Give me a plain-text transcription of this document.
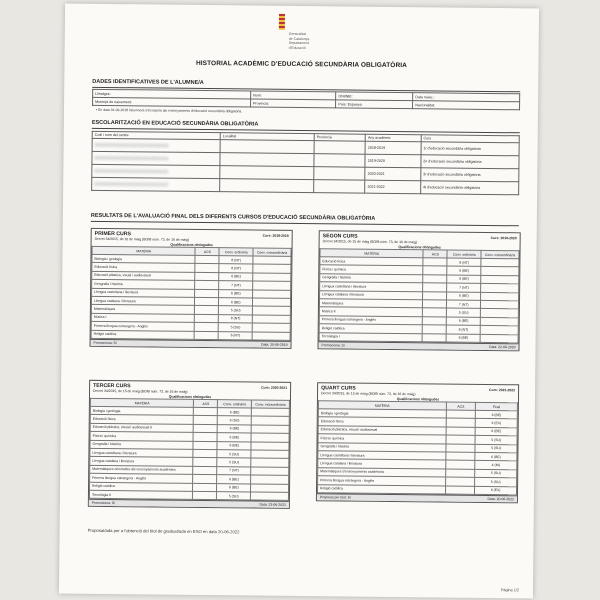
Generalitat
de Catalunya
Departament
d'Educació
HISTORIAL ACADÈMIC D'EDUCACIÓ SECUNDÀRIA OBLIGATÒRIA
DADES IDENTIFICATIVES DE L'ALUMNE/A
Llinatges:	Nom:	DNI/NIE:	Data naixe.:
Municipi de naixement:	Província:	País: Espanya	Nacionalitat:
• En data 01-09-2018 l'alumne/a s'incorpora als ensenyaments d'educació secundària obligatòria.
ESCOLARITZACIÓ EN EDUCACIÓ SECUNDÀRIA OBLIGATÒRIA
Codi i nom del centre	Localitat	Província	Any acadèmic	Curs
			2018-2019	1r d'educació secundària obligatòria
			2019-2020	2n d'educació secundària obligatòria
			2020-2021	3r d'educació secundària obligatòria
			2021-2022	4t d'educació secundària obligatòria
RESULTATS DE L'AVALUACIÓ FINAL DELS DIFERENTS CURSOS D'EDUCACIÓ SECUNDÀRIA OBLIGATÒRIA
PRIMER CURS	Curs: 2018-2019
Decret 34/2015, de 10 de maig (BOIB núm. 73, de 16 de maig)
Qualificacions obtingudes
MATÈRIA	ACS	Conv. ordinària	Conv. extraordinària
Biologia i geologia		8 (NT)	
Educació física		8 (NT)	
Educació plàstica, visual i audiovisual		6 (BE)	
Geografia i història		7 (NT)	
Llengua castellana i literatura		6 (BE)	
Llengua catalana i literatura		6 (BE)	
Matemàtiques		5 (SU)	
Música I		8 (NT)	
Primera llengua estrangera - Anglès		5 (SU)	
Religió catòlica		6 (NT)	
Promociona: Sí	Data: 20-06-2019
SEGON CURS	Curs: 2019-2020
Decret 34/2015, de 15 de maig (BOIB núm. 73, de 16 de maig)
Qualificacions obtingudes
MATÈRIA	ACS	Conv. ordinària	Conv. extraordinària
Educació física		8 (NT)	
Física i química		6 (BE)	
Geografia i història		6 (BE)	
Llengua castellana i literatura		7 (NT)	
Llengua catalana i literatura		6 (BE)	
Matemàtiques		7 (NT)	
Música II		5 (SU)	
Primera llengua estrangera - Anglès		6 (BE)	
Religió catòlica		8 (NT)	
Tecnologia I		6 (BE)	
Promociona: Sí	Data: 22-06-2020
TERCER CURS	Curs: 2020-2021
Decret 34/2015, de 15 de maig (BOIB núm. 73, de 16 de maig)
Qualificacions obtingudes
MATÈRIA	ACS	Conv. ordinària	Conv. extraordinària
Biologia i geologia		6 (BE)	
Educació física		6 (SU)	
Educació plàstica, visual i audiovisual II		6 (BE)	
Física i química		6 (BE)	
Geografia i història		6 (BE)	
Llengua castellana i literatura		5 (SU)	
Llengua catalana i literatura		5 (SU)	
Matemàtiques orientades als ensenyaments acadèmics		7 (NT)	
Primera llengua estrangera - Anglès		6 (BE)	
Religió catòlica		6 (BE)	
Tecnologia II		5 (SU)	
Promociona: Sí	Data: 23-06-2021
QUART CURS	Curs: 2021-2022
Decret 34/2015, de 15 de maig (BOIB núm. 73, de 16 de maig)
Qualificacions obtingudes
MATÈRIA	ACS	Final
Biologia i geologia		6 (BE)
Educació física		9 (EX)
Educació plàstica, visual i audiovisual		6 (BE)
Física i química		5 (SU)
Geografia i història		5 (SU)
Llengua castellana i literatura		6 (BE)
Llengua catalana i literatura		4 (IN)
Matemàtiques d'ensenyaments acadèmics		5 (SU)
Primera llengua estrangera - Anglès		5 (SU)
Religió catòlica		6 (EX)
Proposat per títol: Sí	Data: 20-06-2022
Proposat/ada per a l'obtenció del títol de graduat/ada en ESO en data 20-06-2022
Pàgina 1/2
